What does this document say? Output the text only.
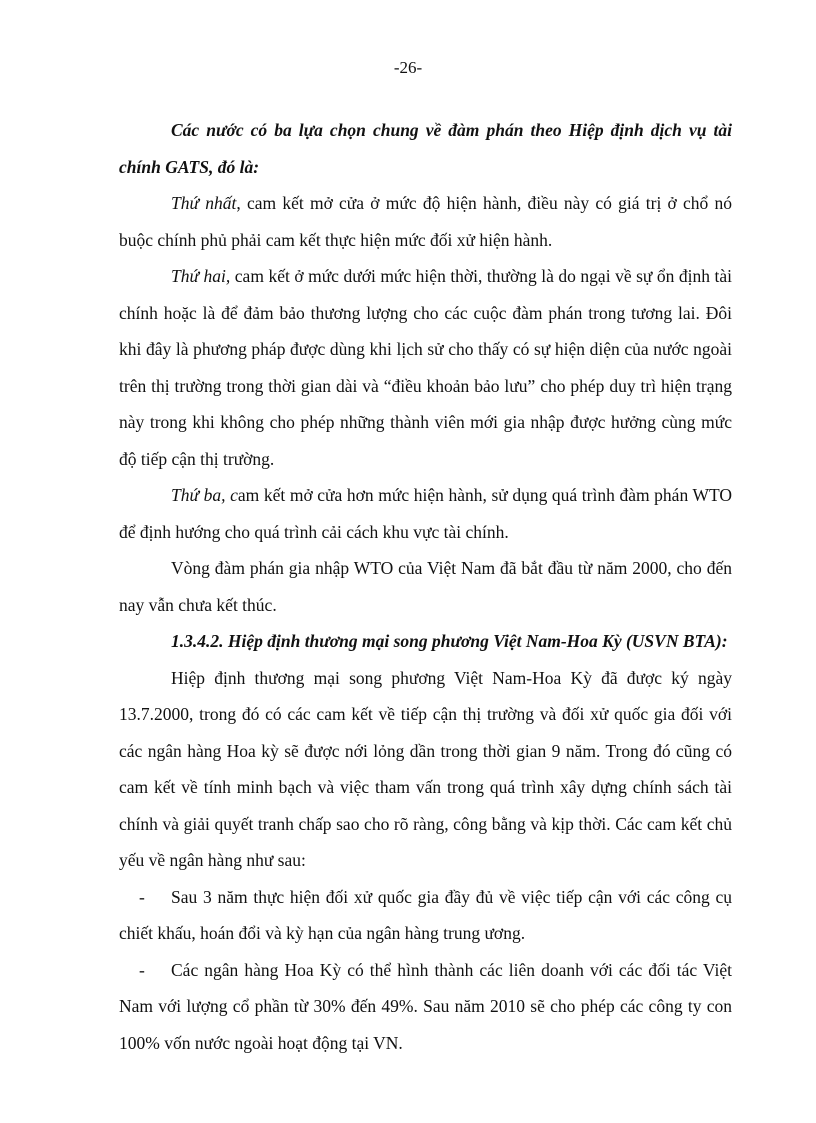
-26-

Các nước có ba lựa chọn chung về đàm phán theo Hiệp định dịch vụ tài chính GATS, đó là:

Thứ nhất, cam kết mở cửa ở mức độ hiện hành, điều này có giá trị ở chổ nó buộc chính phủ phải cam kết thực hiện mức đối xử hiện hành.

Thứ hai, cam kết ở mức dưới mức hiện thời, thường là do ngại về sự ổn định tài chính hoặc là để đảm bảo thương lượng cho các cuộc đàm phán trong tương lai. Đôi khi đây là phương pháp được dùng khi lịch sử cho thấy có sự hiện diện của nước ngoài trên thị trường trong thời gian dài và “điều khoản bảo lưu” cho phép duy trì hiện trạng này trong khi không cho phép những thành viên mới gia nhập được hưởng cùng mức độ tiếp cận thị trường.

Thứ ba, cam kết mở cửa hơn mức hiện hành, sử dụng quá trình đàm phán WTO để định hướng cho quá trình cải cách khu vực tài chính.

Vòng đàm phán gia nhập WTO của Việt Nam đã bắt đầu từ năm 2000, cho đến nay vẫn chưa kết thúc.

1.3.4.2. Hiệp định thương mại song phương Việt Nam-Hoa Kỳ (USVN BTA):

Hiệp định thương mại song phương Việt Nam-Hoa Kỳ đã được ký ngày 13.7.2000, trong đó có các cam kết về tiếp cận thị trường và đối xử quốc gia đối với các ngân hàng Hoa kỳ sẽ được nới lỏng dần trong thời gian 9 năm. Trong đó cũng có cam kết về tính minh bạch và việc tham vấn trong quá trình xây dựng chính sách tài chính và giải quyết tranh chấp sao cho rõ ràng, công bằng và kịp thời. Các cam kết chủ yếu về ngân hàng như sau:

- Sau 3 năm thực hiện đối xử quốc gia đầy đủ về việc tiếp cận với các công cụ chiết khấu, hoán đổi và kỳ hạn của ngân hàng trung ương.

- Các ngân hàng Hoa Kỳ có thể hình thành các liên doanh với các đối tác Việt Nam với lượng cổ phần từ 30% đến 49%. Sau năm 2010 sẽ cho phép các công ty con 100% vốn nước ngoài hoạt động tại VN.
